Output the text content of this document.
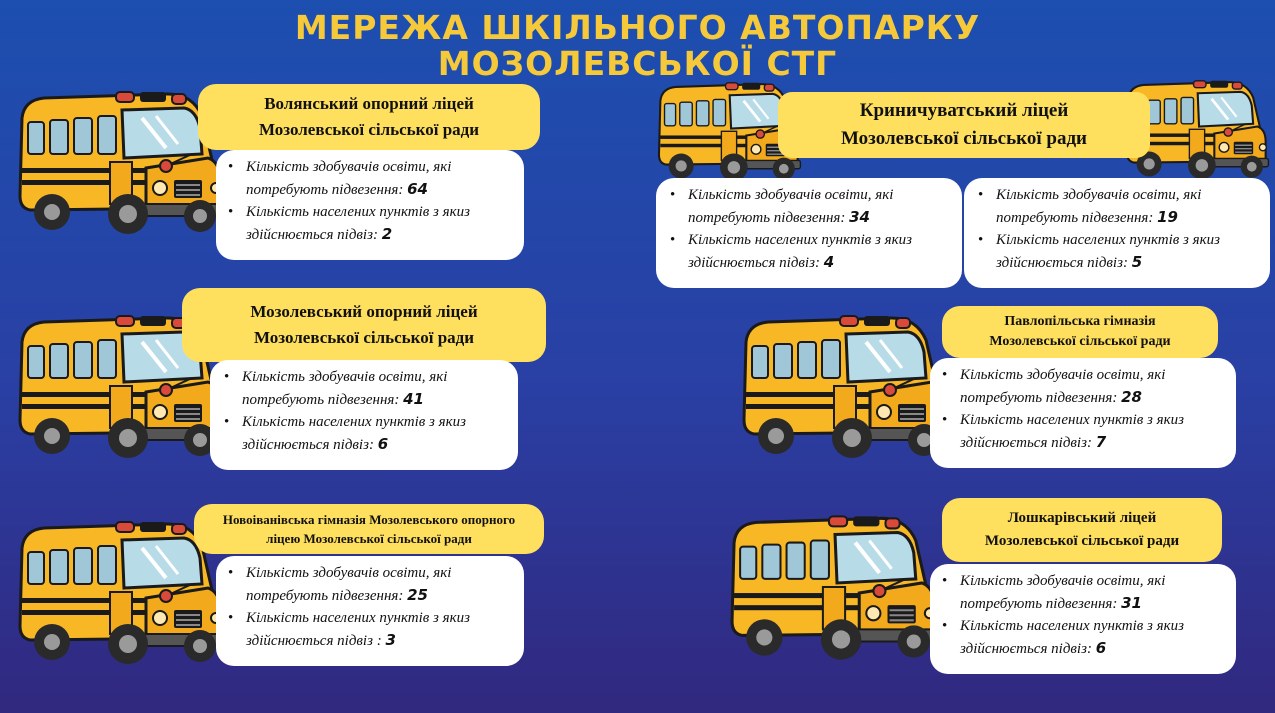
МЕРЕЖА ШКІЛЬНОГО АВТОПАРКУ
МОЗОЛЕВСЬКОЇ СТГ
Волянський опорний ліцей
Мозолевської сільської ради
• Кількість здобувачів освіти, які потребують підвезення: 64
• Кількість населених пунктів з якиз здійснюється підвіз: 2
Мозолевський опорний ліцей
Мозолевської сільської ради
• Кількість здобувачів освіти, які потребують підвезення: 41
• Кількість населених пунктів з якиз здійснюється підвіз: 6
Новоіванівська гімназія Мозолевського опорного
ліцею Мозолевської сільської ради
• Кількість здобувачів освіти, які потребують підвезення: 25
• Кількість населених пунктів з якиз здійснюється підвіз : 3
Криничуватський ліцей
Мозолевської сільської ради
• Кількість здобувачів освіти, які потребують підвезення: 34
• Кількість населених пунктів з якиз здійснюється підвіз: 4
• Кількість здобувачів освіти, які потребують підвезення: 19
• Кількість населених пунктів з якиз здійснюється підвіз: 5
Павлопільська гімназія
Мозолевської сільської ради
• Кількість здобувачів освіти, які потребують підвезення: 28
• Кількість населених пунктів з якиз здійснюється підвіз: 7
Лошкарівський ліцей
Мозолевської сільської ради
• Кількість здобувачів освіти, які потребують підвезення: 31
• Кількість населених пунктів з якиз здійснюється підвіз: 6
